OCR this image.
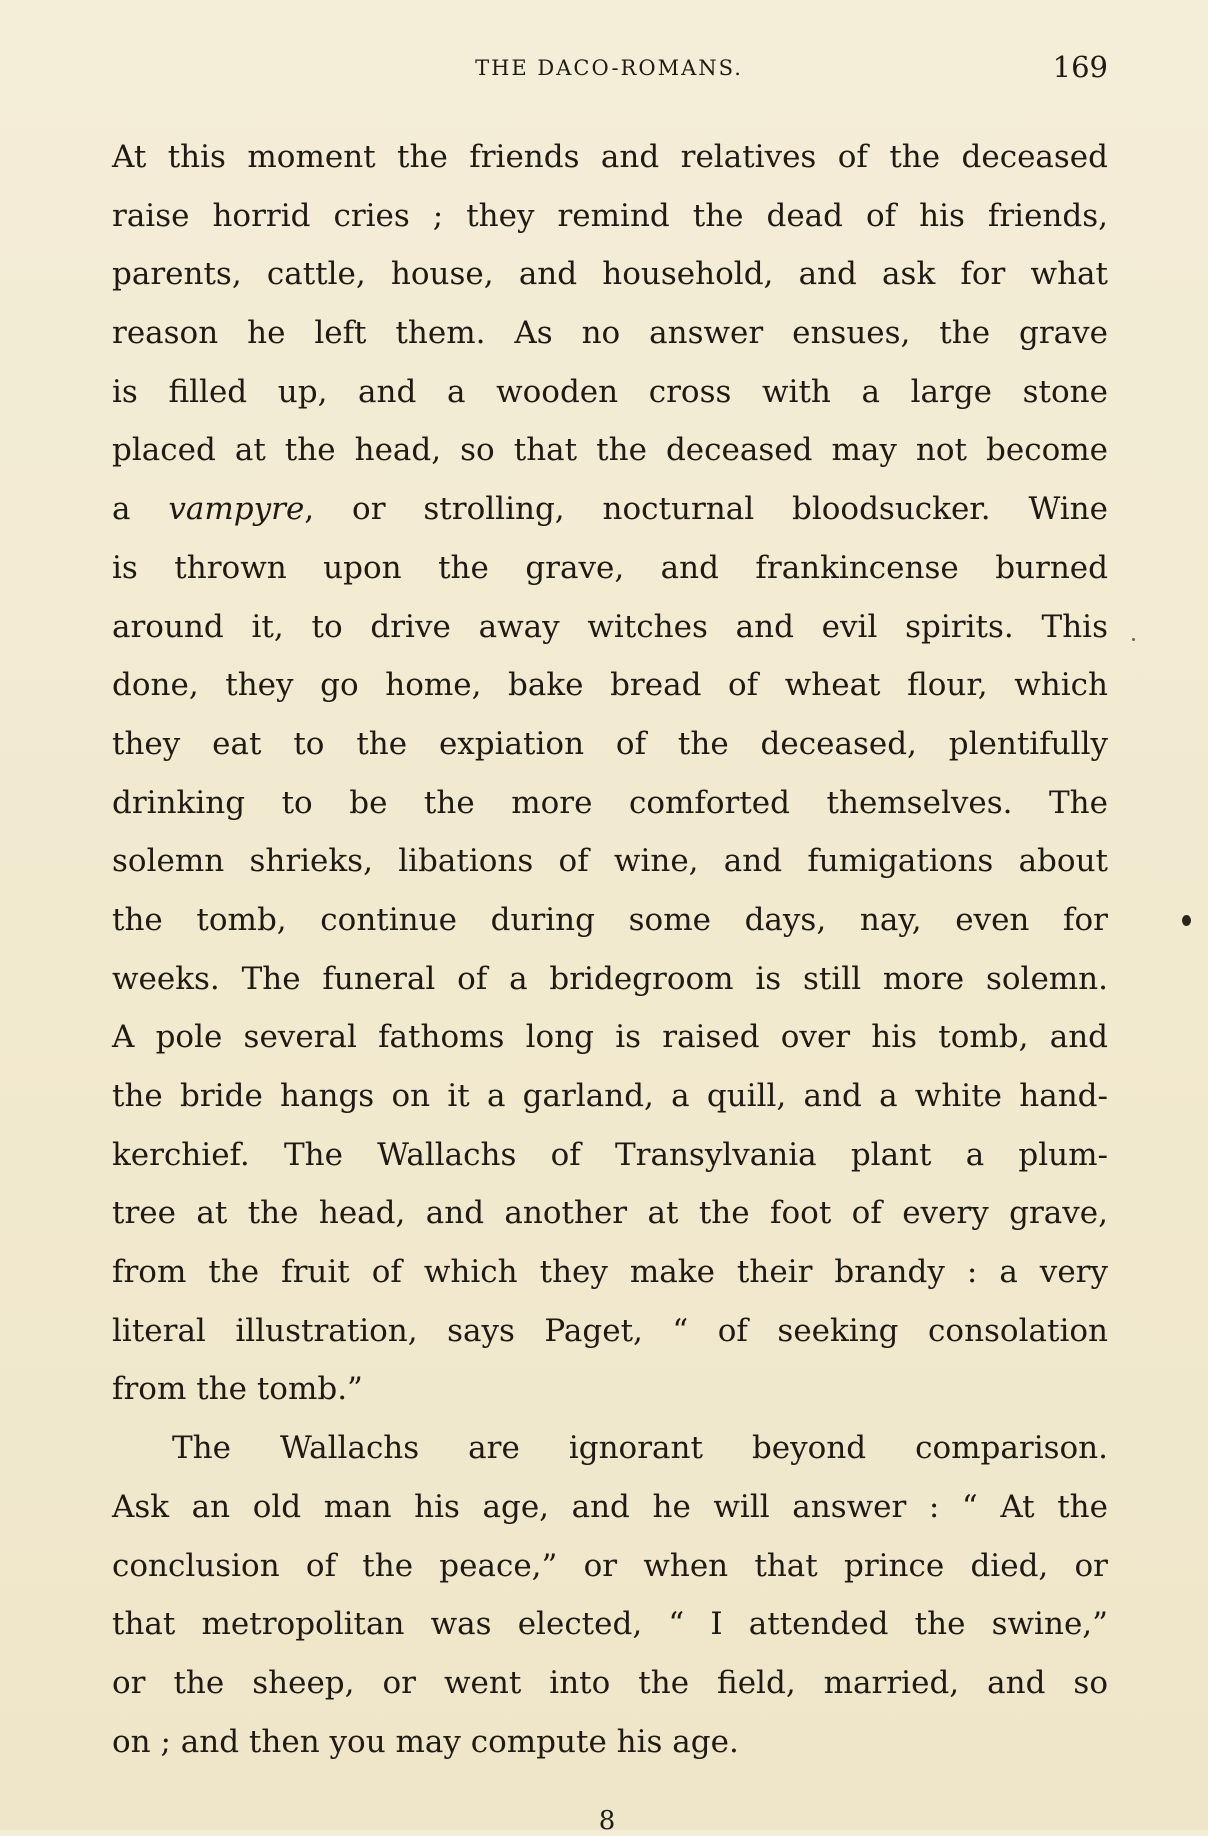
THE DACO-ROMANS.	169
At this moment the friends and relatives of the deceased
raise horrid cries ; they remind the dead of his friends,
parents, cattle, house, and household, and ask for what
reason he left them. As no answer ensues, the grave
is filled up, and a wooden cross with a large stone
placed at the head, so that the deceased may not become
a vampyre, or strolling, nocturnal bloodsucker. Wine
is thrown upon the grave, and frankincense burned
around it, to drive away witches and evil spirits. This
done, they go home, bake bread of wheat flour, which
they eat to the expiation of the deceased, plentifully
drinking to be the more comforted themselves. The
solemn shrieks, libations of wine, and fumigations about
the tomb, continue during some days, nay, even for
weeks. The funeral of a bridegroom is still more solemn.
A pole several fathoms long is raised over his tomb, and
the bride hangs on it a garland, a quill, and a white hand-
kerchief. The Wallachs of Transylvania plant a plum-
tree at the head, and another at the foot of every grave,
from the fruit of which they make their brandy : a very
literal illustration, says Paget, “ of seeking consolation
from the tomb.”
The Wallachs are ignorant beyond comparison.
Ask an old man his age, and he will answer : “ At the
conclusion of the peace,” or when that prince died, or
that metropolitan was elected, “ I attended the swine,”
or the sheep, or went into the field, married, and so
on ; and then you may compute his age.
8
